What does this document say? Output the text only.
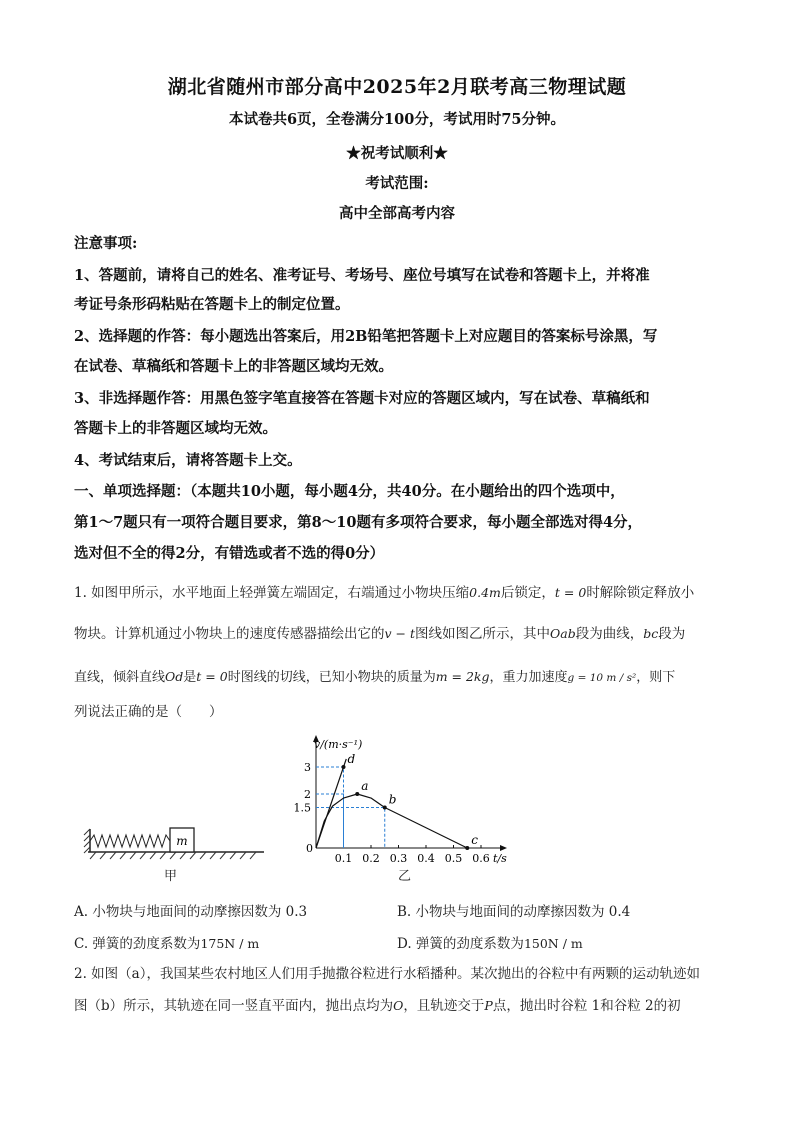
湖北省随州市部分高中2025年2月联考高三物理试题
本试卷共6页，全卷满分100分，考试用时75分钟。
★祝考试顺利★
考试范围:
高中全部高考内容
注意事项:
1、答题前，请将自己的姓名、准考证号、考场号、座位号填写在试卷和答题卡上，并将准
考证号条形码粘贴在答题卡上的制定位置。
2、选择题的作答：每小题选出答案后，用2B铅笔把答题卡上对应题目的答案标号涂黑，写
在试卷、草稿纸和答题卡上的非答题区域均无效。
3、非选择题作答：用黑色签字笔直接答在答题卡对应的答题区域内，写在试卷、草稿纸和
答题卡上的非答题区域均无效。
4、考试结束后，请将答题卡上交。
一、单项选择题：（本题共10小题，每小题4分，共40分。在小题给出的四个选项中，
第1～7题只有一项符合题目要求，第8～10题有多项符合要求，每小题全部选对得4分，
选对但不全的得2分，有错选或者不选的得0分）
1. 如图甲所示，水平地面上轻弹簧左端固定，右端通过小物块压缩0.4m后锁定，t = 0时解除锁定释放小
物块。计算机通过小物块上的速度传感器描绘出它的v − t图线如图乙所示，其中Oab段为曲线，bc段为
直线，倾斜直线Od是t = 0时图线的切线，已知小物块的质量为m = 2kg，重力加速度g = 10 m / s²，则下
列说法正确的是（　　）
m
甲
v/(m·s⁻¹)
t/s
0
0.1 0.2 0.3 0.4 0.5 0.6
1.5
2
3
d
a
b
c
乙
A. 小物块与地面间的动摩擦因数为 0.3	B. 小物块与地面间的动摩擦因数为 0.4
C. 弹簧的劲度系数为175N / m	D. 弹簧的劲度系数为150N / m
2. 如图（a），我国某些农村地区人们用手抛撒谷粒进行水稻播种。某次抛出的谷粒中有两颗的运动轨迹如
图（b）所示，其轨迹在同一竖直平面内，抛出点均为O，且轨迹交于P点，抛出时谷粒 1和谷粒 2的初
